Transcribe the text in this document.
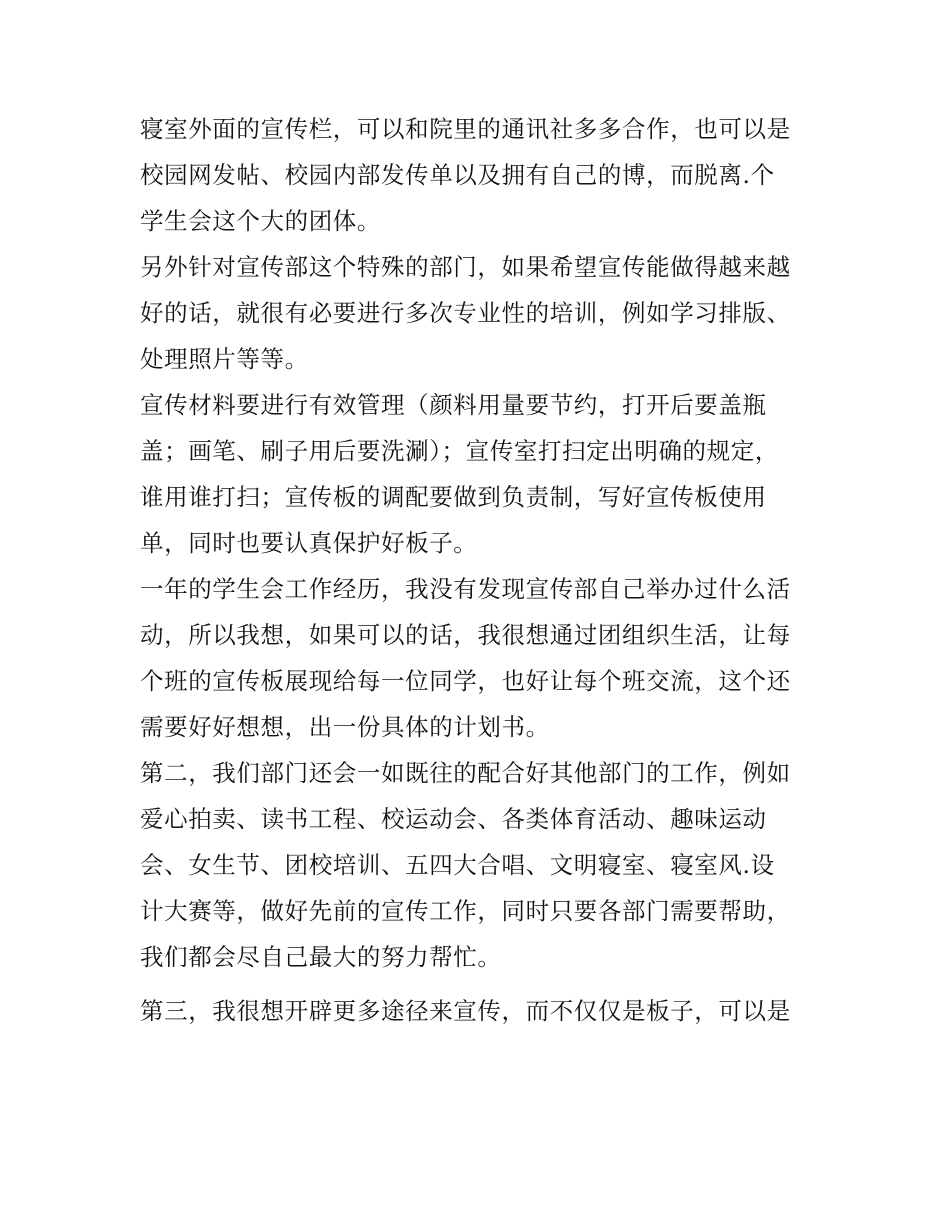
寝室外面的宣传栏，可以和院里的通讯社多多合作，也可以是
校园网发帖、校园内部发传单以及拥有自己的博，而脱离.个
学生会这个大的团体。

另外针对宣传部这个特殊的部门，如果希望宣传能做得越来越
好的话，就很有必要进行多次专业性的培训，例如学习排版、
处理照片等等。

宣传材料要进行有效管理（颜料用量要节约，打开后要盖瓶
盖；画笔、刷子用后要洗涮）；宣传室打扫定出明确的规定，
谁用谁打扫；宣传板的调配要做到负责制，写好宣传板使用
单，同时也要认真保护好板子。

一年的学生会工作经历，我没有发现宣传部自己举办过什么活
动，所以我想，如果可以的话，我很想通过团组织生活，让每
个班的宣传板展现给每一位同学，也好让每个班交流，这个还
需要好好想想，出一份具体的计划书。

第二，我们部门还会一如既往的配合好其他部门的工作，例如
爱心拍卖、读书工程、校运动会、各类体育活动、趣味运动
会、女生节、团校培训、五四大合唱、文明寝室、寝室风.设
计大赛等，做好先前的宣传工作，同时只要各部门需要帮助，
我们都会尽自己最大的努力帮忙。

第三，我很想开辟更多途径来宣传，而不仅仅是板子，可以是
